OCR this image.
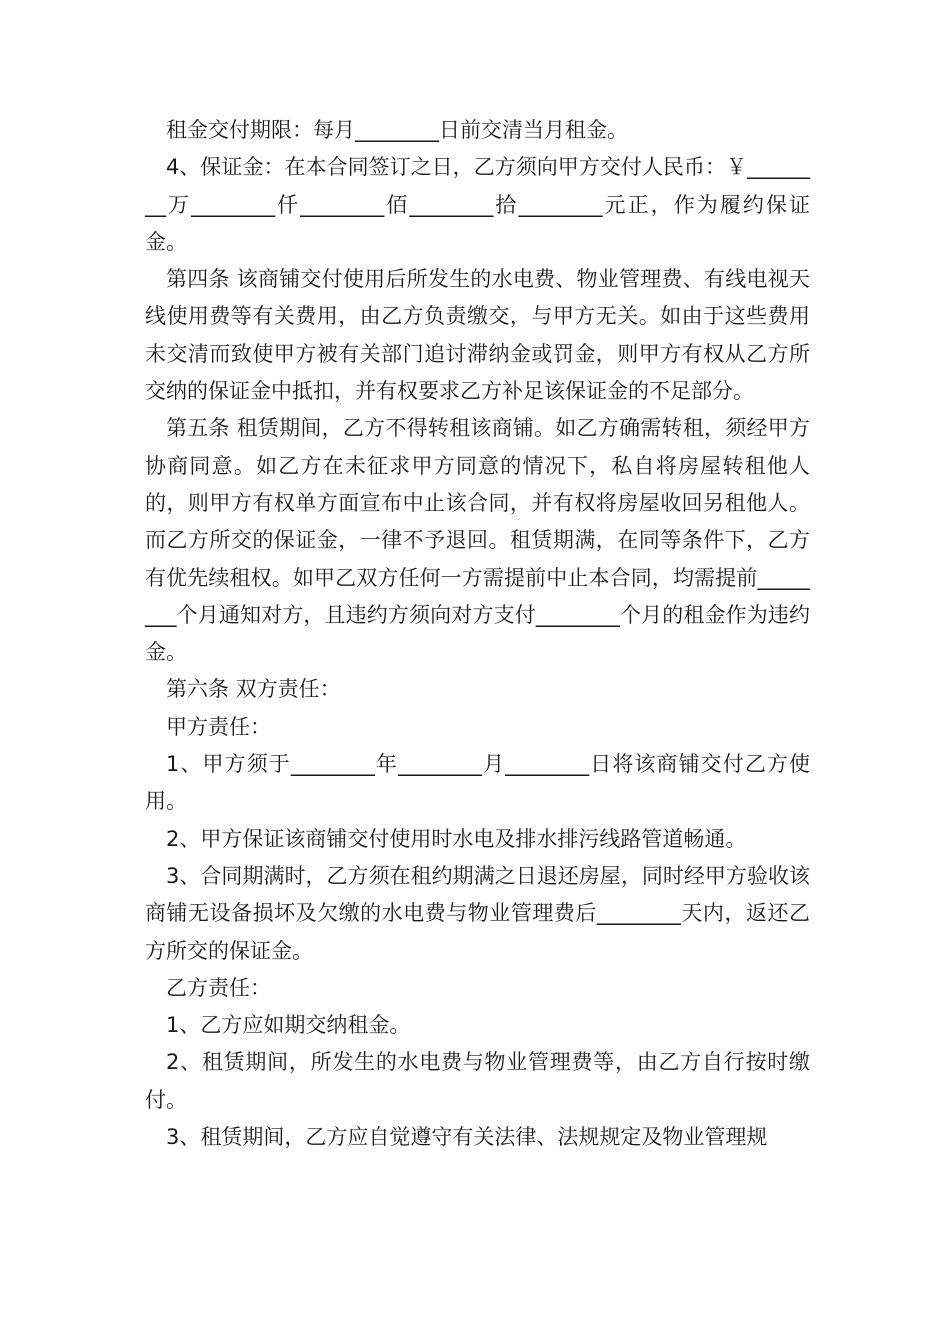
租金交付期限：每月________日前交清当月租金。

4、保证金：在本合同签订之日，乙方须向甲方交付人民币：￥________万________仟________佰________拾________元正，作为履约保证金。

第四条 该商铺交付使用后所发生的水电费、物业管理费、有线电视天线使用费等有关费用，由乙方负责缴交，与甲方无关。如由于这些费用未交清而致使甲方被有关部门追讨滞纳金或罚金，则甲方有权从乙方所交纳的保证金中抵扣，并有权要求乙方补足该保证金的不足部分。

第五条 租赁期间，乙方不得转租该商铺。如乙方确需转租，须经甲方协商同意。如乙方在未征求甲方同意的情况下，私自将房屋转租他人的，则甲方有权单方面宣布中止该合同，并有权将房屋收回另租他人。而乙方所交的保证金，一律不予退回。租赁期满，在同等条件下，乙方有优先续租权。如甲乙双方任何一方需提前中止本合同，均需提前________个月通知对方，且违约方须向对方支付________个月的租金作为违约金。

第六条 双方责任：

甲方责任：

1、甲方须于________年________月________日将该商铺交付乙方使用。

2、甲方保证该商铺交付使用时水电及排水排污线路管道畅通。

3、合同期满时，乙方须在租约期满之日退还房屋，同时经甲方验收该商铺无设备损坏及欠缴的水电费与物业管理费后________天内，返还乙方所交的保证金。

乙方责任：

1、乙方应如期交纳租金。

2、租赁期间，所发生的水电费与物业管理费等，由乙方自行按时缴付。

3、租赁期间，乙方应自觉遵守有关法律、法规规定及物业管理规
